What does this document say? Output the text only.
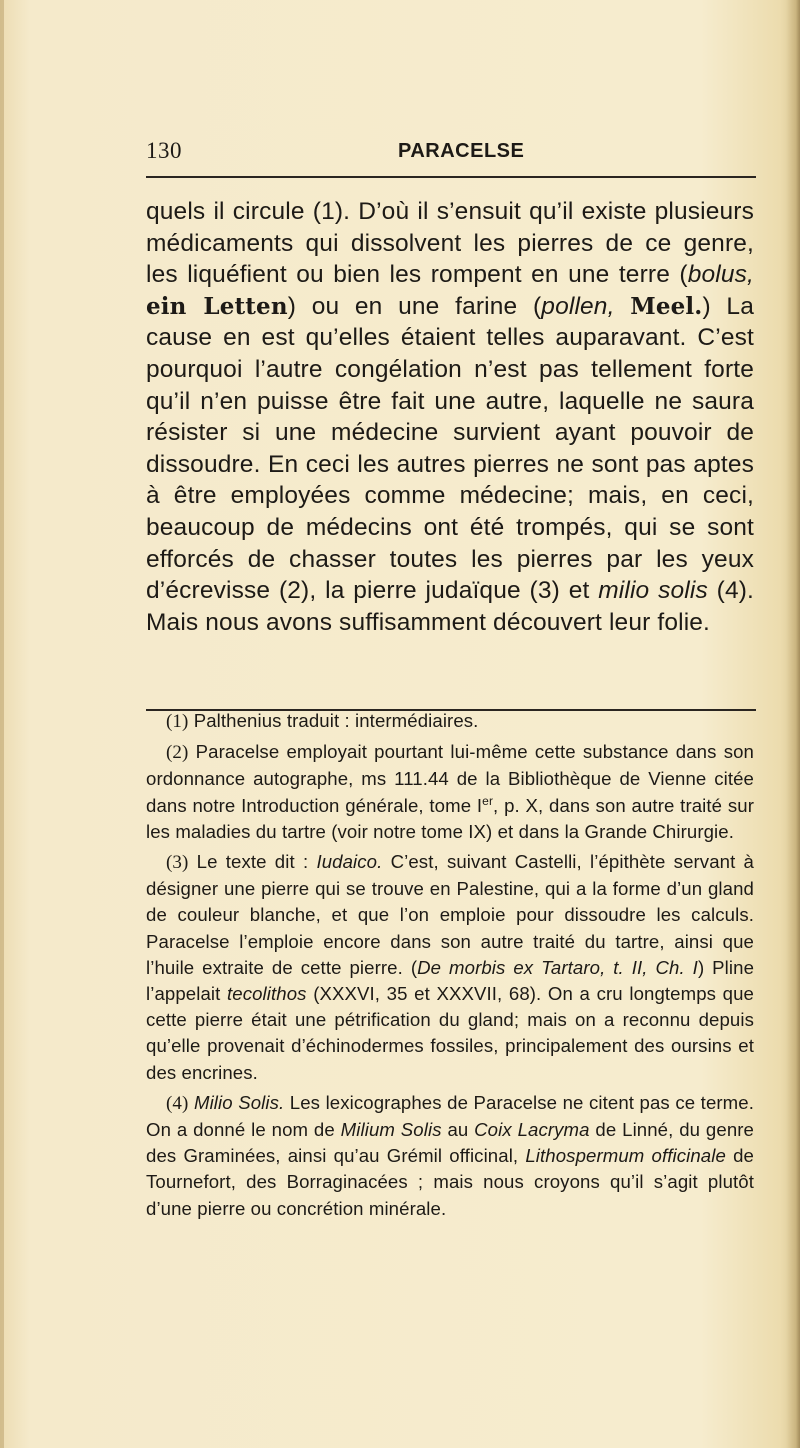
130	PARACELSE

quels il circule (1). D’où il s’ensuit qu’il existe plusieurs médicaments qui dissolvent les pierres de ce genre, les liquéfient ou bien les rompent en une terre (bolus, ein Letten) ou en une farine (pollen, Meel.) La cause en est qu’elles étaient telles auparavant. C’est pourquoi l’autre congélation n’est pas tellement forte qu’il n’en puisse être fait une autre, laquelle ne saura résister si une médecine survient ayant pouvoir de dissoudre. En ceci les autres pierres ne sont pas aptes à être employées comme médecine; mais, en ceci, beaucoup de médecins ont été trompés, qui se sont efforcés de chasser toutes les pierres par les yeux d’écrevisse (2), la pierre judaïque (3) et milio solis (4). Mais nous avons suffisamment découvert leur folie.

(1) Palthenius traduit : intermédiaires.

(2) Paracelse employait pourtant lui-même cette substance dans son ordonnance autographe, ms 111.44 de la Bibliothèque de Vienne citée dans notre Introduction générale, tome Ier, p. X, dans son autre traité sur les maladies du tartre (voir notre tome IX) et dans la Grande Chirurgie.

(3) Le texte dit : Iudaico. C’est, suivant Castelli, l’épithète servant à désigner une pierre qui se trouve en Palestine, qui a la forme d’un gland de couleur blanche, et que l’on emploie pour dissoudre les calculs. Paracelse l’emploie encore dans son autre traité du tartre, ainsi que l’huile extraite de cette pierre. (De morbis ex Tartaro, t. II, Ch. I) Pline l’appelait tecolithos (XXXVI, 35 et XXXVII, 68). On a cru longtemps que cette pierre était une pétrification du gland; mais on a reconnu depuis qu’elle provenait d’échinodermes fossiles, principalement des oursins et des encrines.

(4) Milio Solis. Les lexicographes de Paracelse ne citent pas ce terme. On a donné le nom de Milium Solis au Coix Lacryma de Linné, du genre des Graminées, ainsi qu’au Grémil officinal, Lithospermum officinale de Tournefort, des Borraginacées ; mais nous croyons qu’il s’agit plutôt d’une pierre ou concrétion minérale.
